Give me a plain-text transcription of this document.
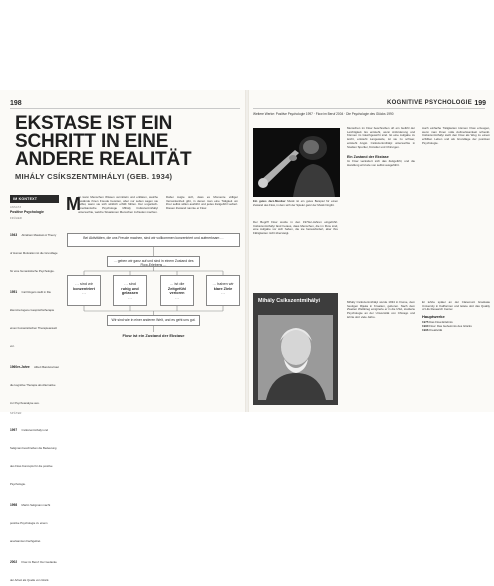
198
EKSTASE IST EIN SCHRITT IN EINE ANDERE REALITÄT
MIHÁLY CSÍKSZENTMIHÁLYI (GEB. 1934)
IM KONTEXT
ANSATZ
Positive Psychologie
FRÜHER
1943 Abraham Maslows A Theory of Human Motivation ist die Grundlage für eine humanistische Psychologie.
1951 Carl Rogers stellt in Die klient-bezogene Gesprächstherapie einen humanistischen Therapieansatz vor.
1960er-Jahre Albert Bandura baut die kognitive Therapie als Alternative zur Psychoanalyse aus.
SPÄTER
1997 Csíkszentmihályi und Seligman beschreiben die Bedeutung des Flow-Konzepts für die positive Psychologie.
1998 Martin Seligman macht positive Psychologie zu einem anerkannten Fachgebiet.
2002 Flow im Beruf: Der Gedanke der Arbeit als Quelle von Glück.
M
an kann Menschen Wissen vermitteln und erklären, welche Zustände ihnen Freude bereiten, aber nur selten sagen sie selbst, wann sie sich wirklich erfüllt fühlen. Der ungarisch-amerikanische Psychologe Mihály Csíkszentmihályi untersuchte, welche Situationen Menschen zufrieden machen.
Dabei zeigte sich, dass es Momente völliger Versunkenheit gibt, in denen man eine Tätigkeit um ihrer selbst willen ausführt und jedes Zeitgefühl verliert. Diesen Zustand nannte er Flow.
Bei Aktivitäten, die uns Freude machen, sind wir vollkommen konzentriert und aufmerksam …
… geben wir ganz auf und sind in einem Zustand des Flow-Erlebens …
… sind wir
konzentriert
…
… sind
ruhig und gelassen
…
… ist die
Zeitgefühl verloren
…
… haben wir
klare Ziele
…
Wir sind wie in einer anderen Welt, und es geht uns gut.
Flow ist ein Zustand der Ekstase
KOGNITIVE PSYCHOLOGIE 199
Weitere Werke: Positive Psychologie 1997 · Flow im Beruf 2004 · Die Psychologie des Glücks 1990
Ein gutes Jazz-Musiker Musik ist ein gutes Beispiel für einen Zustand des Flow, in dem sich der Spieler ganz der Musik hingibt.
Der Begriff Flow wurde in den 1970er-Jahren eingeführt. Csíkszentmihályi fand heraus, dass Menschen, die im Flow sind, eine Aufgabe vor sich haben, die sie herausfordert, aber ihre Fähigkeiten nicht übersteigt.
Menschen im Flow beschreiben oft ein Gefühl der Leichtigkeit. Es entsteht, wenn Anforderung und Können im Gleichgewicht sind. Ist eine Aufgabe zu leicht, entsteht Langeweile, ist sie zu schwer, entsteht Angst. Csíkszentmihályi untersuchte in Studien Sportler, Künstler und Chirurgen.
Ein Zustand der Ekstase
Im Flow verändert sich das Zeitgefühl, und die Handlung wird wie von selbst ausgeführt.
Auch einfache Tätigkeiten können Flow erzeugen, wenn man ihnen volle Aufmerksamkeit schenkt. Csíkszentmihályi sieht den Flow als Weg zu einem erfüllten Leben und als Grundlage der positiven Psychologie.
Mihály Csíkszentmihályi	Mihály Csíkszentmihályi wurde 1934 in Fiume, dem heutigen Rijeka in Kroatien, geboren. Nach dem Zweiten Weltkrieg emigrierte er in die USA, studierte Psychologie an der Universität von Chicago und lehrte dort viele Jahre.
Er lehrte später an der Claremont Graduate University in Kalifornien und leitete dort das Quality of Life Research Center.
Hauptwerke
1975 Das Flow-Erlebnis
1990 Flow: Das Geheimnis des Glücks
1996 Kreativität
